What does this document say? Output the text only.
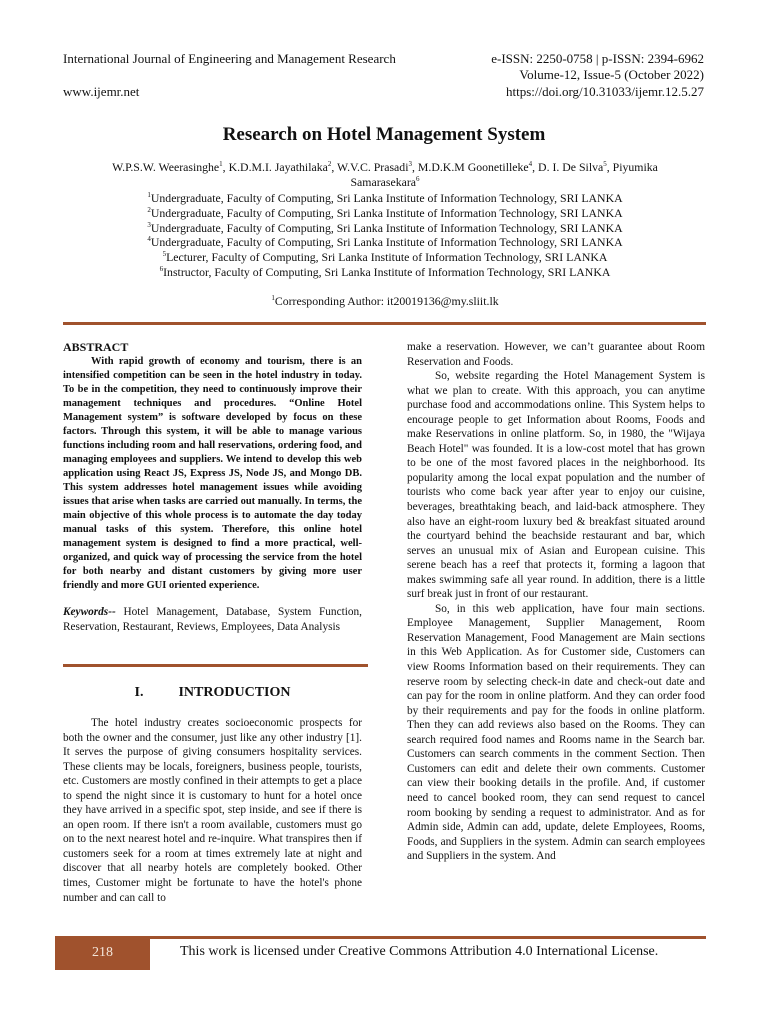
International Journal of Engineering and Management Research
www.ijemr.net
e-ISSN: 2250-0758 | p-ISSN: 2394-6962
Volume-12, Issue-5 (October 2022)
https://doi.org/10.31033/ijemr.12.5.27
Research on Hotel Management System
W.P.S.W. Weerasinghe$^1$, K.D.M.I. Jayathilaka$^2$, W.V.C. Prasadi$^3$, M.D.K.M Goonetilleke$^4$, D. I. De Silva$^5$, Piyumika
Samarasekara$^6$
$^1$Undergraduate, Faculty of Computing, Sri Lanka Institute of Information Technology, SRI LANKA
$^2$Undergraduate, Faculty of Computing, Sri Lanka Institute of Information Technology, SRI LANKA
$^3$Undergraduate, Faculty of Computing, Sri Lanka Institute of Information Technology, SRI LANKA
$^4$Undergraduate, Faculty of Computing, Sri Lanka Institute of Information Technology, SRI LANKA
$^5$Lecturer, Faculty of Computing, Sri Lanka Institute of Information Technology, SRI LANKA
$^6$Instructor, Faculty of Computing, Sri Lanka Institute of Information Technology, SRI LANKA
$^1$Corresponding Author: it20019136@my.sliit.lk

ABSTRACT

With rapid growth of economy and tourism, there is an intensified competition can be seen in the hotel industry in today. To be in the competition, they need to continuously improve their management techniques and procedures. “Online Hotel Management system” is software developed by focus on these factors. Through this system, it will be able to manage various functions including room and hall reservations, ordering food, and managing employees and suppliers. We intend to develop this web application using React JS, Express JS, Node JS, and Mongo DB. This system addresses hotel management issues while avoiding issues that arise when tasks are carried out manually. In terms, the main objective of this whole process is to automate the day today manual tasks of this system. Therefore, this online hotel management system is designed to find a more practical, well-organized, and quick way of processing the service from the hotel for both nearby and distant customers by giving more user friendly and more GUI oriented experience.

Keywords-- Hotel Management, Database, System Function, Reservation, Restaurant, Reviews, Employees, Data Analysis

I.	INTRODUCTION

The hotel industry creates socioeconomic prospects for both the owner and the consumer, just like any other industry [1]. It serves the purpose of giving consumers hospitality services. These clients may be locals, foreigners, business people, tourists, etc. Customers are mostly confined in their attempts to get a place to spend the night since it is customary to hunt for a hotel once they have arrived in a specific spot, step inside, and see if there is an open room. If there isn't a room available, customers must go on to the next nearest hotel and re-inquire. What transpires then if customers seek for a room at times extremely late at night and discover that all nearby hotels are completely booked. Other times, Customer might be fortunate to have the hotel's phone number and can call to

make a reservation. However, we can’t guarantee about Room Reservation and Foods.

So, website regarding the Hotel Management System is what we plan to create. With this approach, you can anytime purchase food and accommodations online. This System helps to encourage people to get Information about Rooms, Foods and make Reservations in online platform. So, in 1980, the "Wijaya Beach Hotel" was founded. It is a low-cost motel that has grown to be one of the most favored places in the neighborhood. Its popularity among the local expat population and the number of tourists who come back year after year to enjoy our cuisine, beverages, breathtaking beach, and laid-back atmosphere. They also have an eight-room luxury bed & breakfast situated around the courtyard behind the beachside restaurant and bar, which serves an unusual mix of Asian and European cuisine. This serene beach has a reef that protects it, forming a lagoon that makes swimming safe all year round. In addition, there is a little surf break just in front of our restaurant.

So, in this web application, have four main sections. Employee Management, Supplier Management, Room Reservation Management, Food Management are Main sections in this Web Application. As for Customer side, Customers can view Rooms Information based on their requirements. They can reserve room by selecting check-in date and check-out date and can pay for the room in online platform. And they can order food by their requirements and pay for the foods in online platform. Then they can add reviews also based on the Rooms. They can search required food names and Rooms name in the Search bar. Customers can search comments in the comment Section. Then Customers can edit and delete their own comments. Customer can view their booking details in the profile. And, if customer need to cancel booked room, they can send request to cancel room booking by sending a request to administrator. And as for Admin side, Admin can add, update, delete Employees, Rooms, Foods, and Suppliers in the system. Admin can search employees and Suppliers in the system. And

218	This work is licensed under Creative Commons Attribution 4.0 International License.
